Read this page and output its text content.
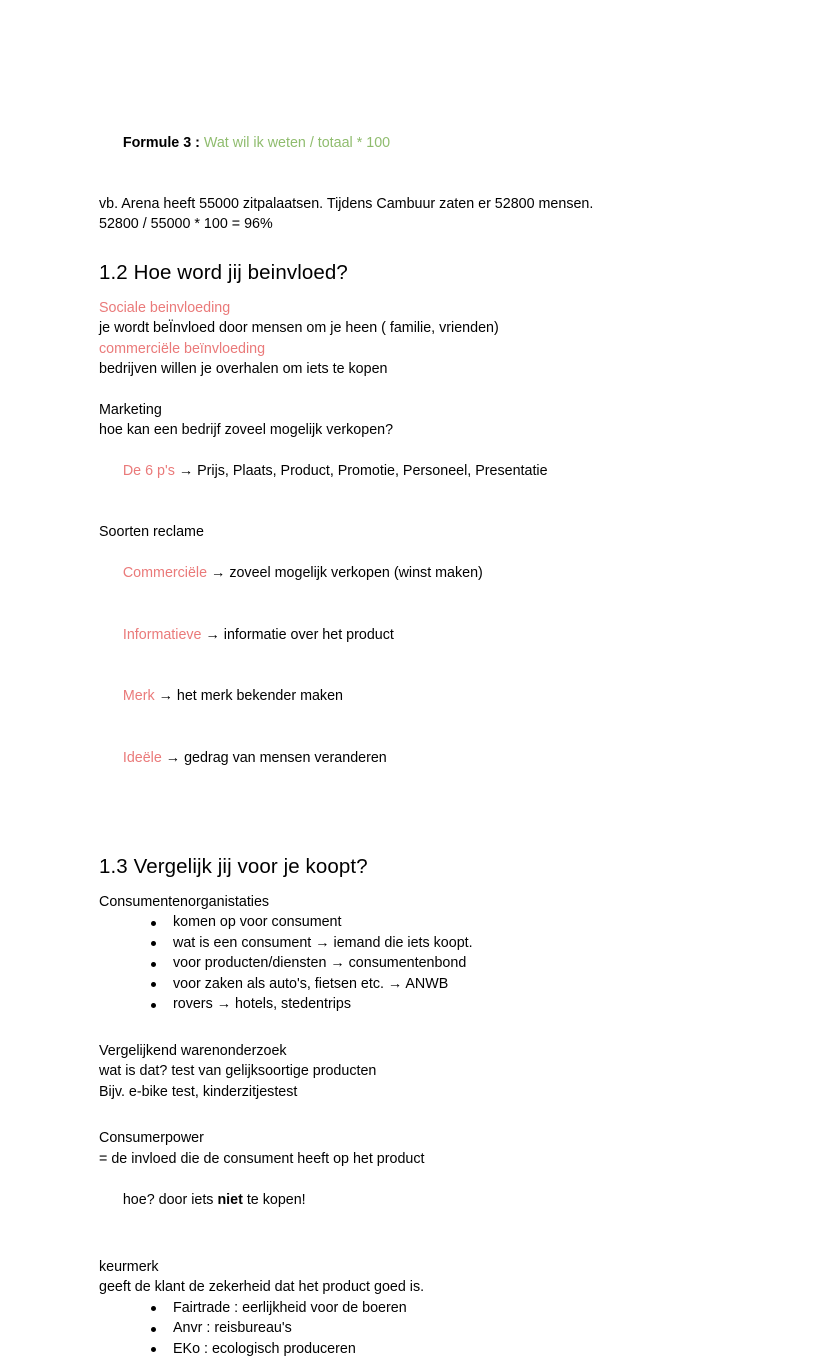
Formule 3 : Wat wil ik weten / totaal * 100

vb. Arena heeft 55000 zitpalaatsen. Tijdens Cambuur zaten er 52800 mensen.
52800 / 55000 * 100 = 96%
1.2 Hoe word jij beinvloed?
Sociale beinvloeding
je wordt beÏnvloed door mensen om je heen ( familie, vrienden)
commerciële beïnvloeding
bedrijven willen je overhalen om iets te kopen
Marketing
hoe kan een bedrijf zoveel mogelijk verkopen?

De 6 p's → Prijs, Plaats, Product, Promotie, Personeel, Presentatie

Soorten reclame

Commerciële → zoveel mogelijk verkopen (winst maken)

Informatieve → informatie over het product

Merk → het merk bekender maken

Ideële → gedrag van mensen veranderen

1.3 Vergelijk jij voor je koopt?
Consumentenorganistaties
komen op voor consument
wat is een consument → iemand die iets koopt.
voor producten/diensten → consumentenbond
voor zaken als auto's, fietsen etc. → ANWB
rovers → hotels, stedentrips
Vergelijkend warenonderzoek
wat is dat? test van gelijksoortige producten
Bijv. e-bike test, kinderzitjestest
Consumerpower
= de invloed die de consument heeft op het product

hoe? door iets niet te kopen!

keurmerk
geeft de klant de zekerheid dat het product goed is.
Fairtrade : eerlijkheid voor de boeren
Anvr : reisbureau's
EKo : ecologisch produceren
